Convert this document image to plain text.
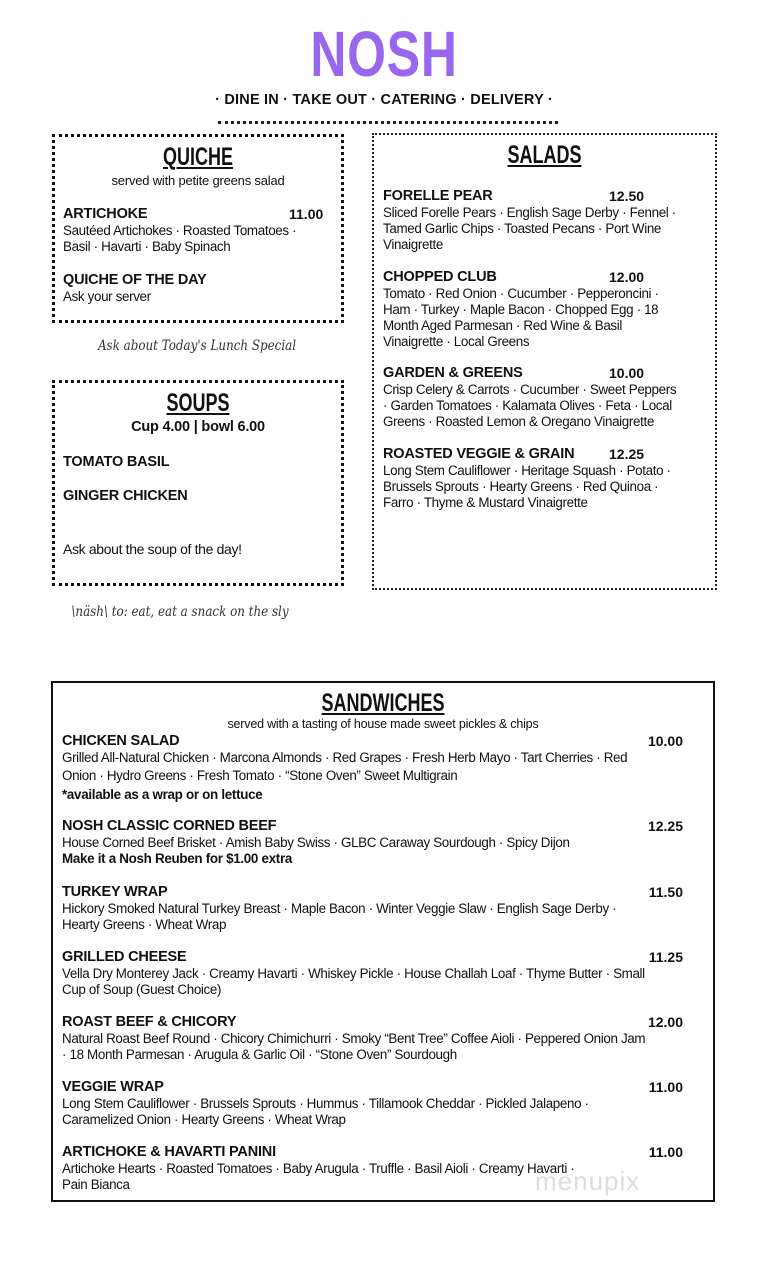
NOSH
· DINE IN · TAKE OUT · CATERING · DELIVERY ·
QUICHE
served with petite greens salad
ARTICHOKE	11.00
Sautéed Artichokes · Roasted Tomatoes ·
Basil · Havarti · Baby Spinach
QUICHE OF THE DAY
Ask your server
Ask about Today's Lunch Special
SOUPS
Cup 4.00 | bowl 6.00
TOMATO BASIL
GINGER CHICKEN
Ask about the soup of the day!
\näsh\ to: eat, eat a snack on the sly
SALADS
FORELLE PEAR	12.50
Sliced Forelle Pears · English Sage Derby · Fennel ·
Tamed Garlic Chips · Toasted Pecans · Port Wine
Vinaigrette
CHOPPED CLUB	12.00
Tomato · Red Onion · Cucumber · Pepperoncini ·
Ham · Turkey · Maple Bacon · Chopped Egg · 18
Month Aged Parmesan · Red Wine & Basil
Vinaigrette · Local Greens
GARDEN & GREENS	10.00
Crisp Celery & Carrots · Cucumber · Sweet Peppers
· Garden Tomatoes · Kalamata Olives · Feta · Local
Greens · Roasted Lemon & Oregano Vinaigrette
ROASTED VEGGIE & GRAIN 12.25
Long Stem Cauliflower · Heritage Squash · Potato ·
Brussels Sprouts · Hearty Greens · Red Quinoa ·
Farro · Thyme & Mustard Vinaigrette
SANDWICHES
served with a tasting of house made sweet pickles & chips
CHICKEN SALAD	10.00
Grilled All-Natural Chicken · Marcona Almonds · Red Grapes · Fresh Herb Mayo · Tart Cherries · Red
Onion · Hydro Greens · Fresh Tomato · “Stone Oven” Sweet Multigrain
*available as a wrap or on lettuce
NOSH CLASSIC CORNED BEEF	12.25
House Corned Beef Brisket · Amish Baby Swiss · GLBC Caraway Sourdough · Spicy Dijon
Make it a Nosh Reuben for $1.00 extra
TURKEY WRAP	11.50
Hickory Smoked Natural Turkey Breast · Maple Bacon · Winter Veggie Slaw · English Sage Derby ·
Hearty Greens · Wheat Wrap
GRILLED CHEESE	11.25
Vella Dry Monterey Jack · Creamy Havarti · Whiskey Pickle · House Challah Loaf · Thyme Butter · Small
Cup of Soup (Guest Choice)
ROAST BEEF & CHICORY	12.00
Natural Roast Beef Round · Chicory Chimichurri · Smoky “Bent Tree” Coffee Aioli · Peppered Onion Jam
· 18 Month Parmesan · Arugula & Garlic Oil · “Stone Oven” Sourdough
VEGGIE WRAP	11.00
Long Stem Cauliflower · Brussels Sprouts · Hummus · Tillamook Cheddar · Pickled Jalapeno ·
Caramelized Onion · Hearty Greens · Wheat Wrap
ARTICHOKE & HAVARTI PANINI	11.00
Artichoke Hearts · Roasted Tomatoes · Baby Arugula · Truffle · Basil Aioli · Creamy Havarti ·
Pain Bianca	menupix
